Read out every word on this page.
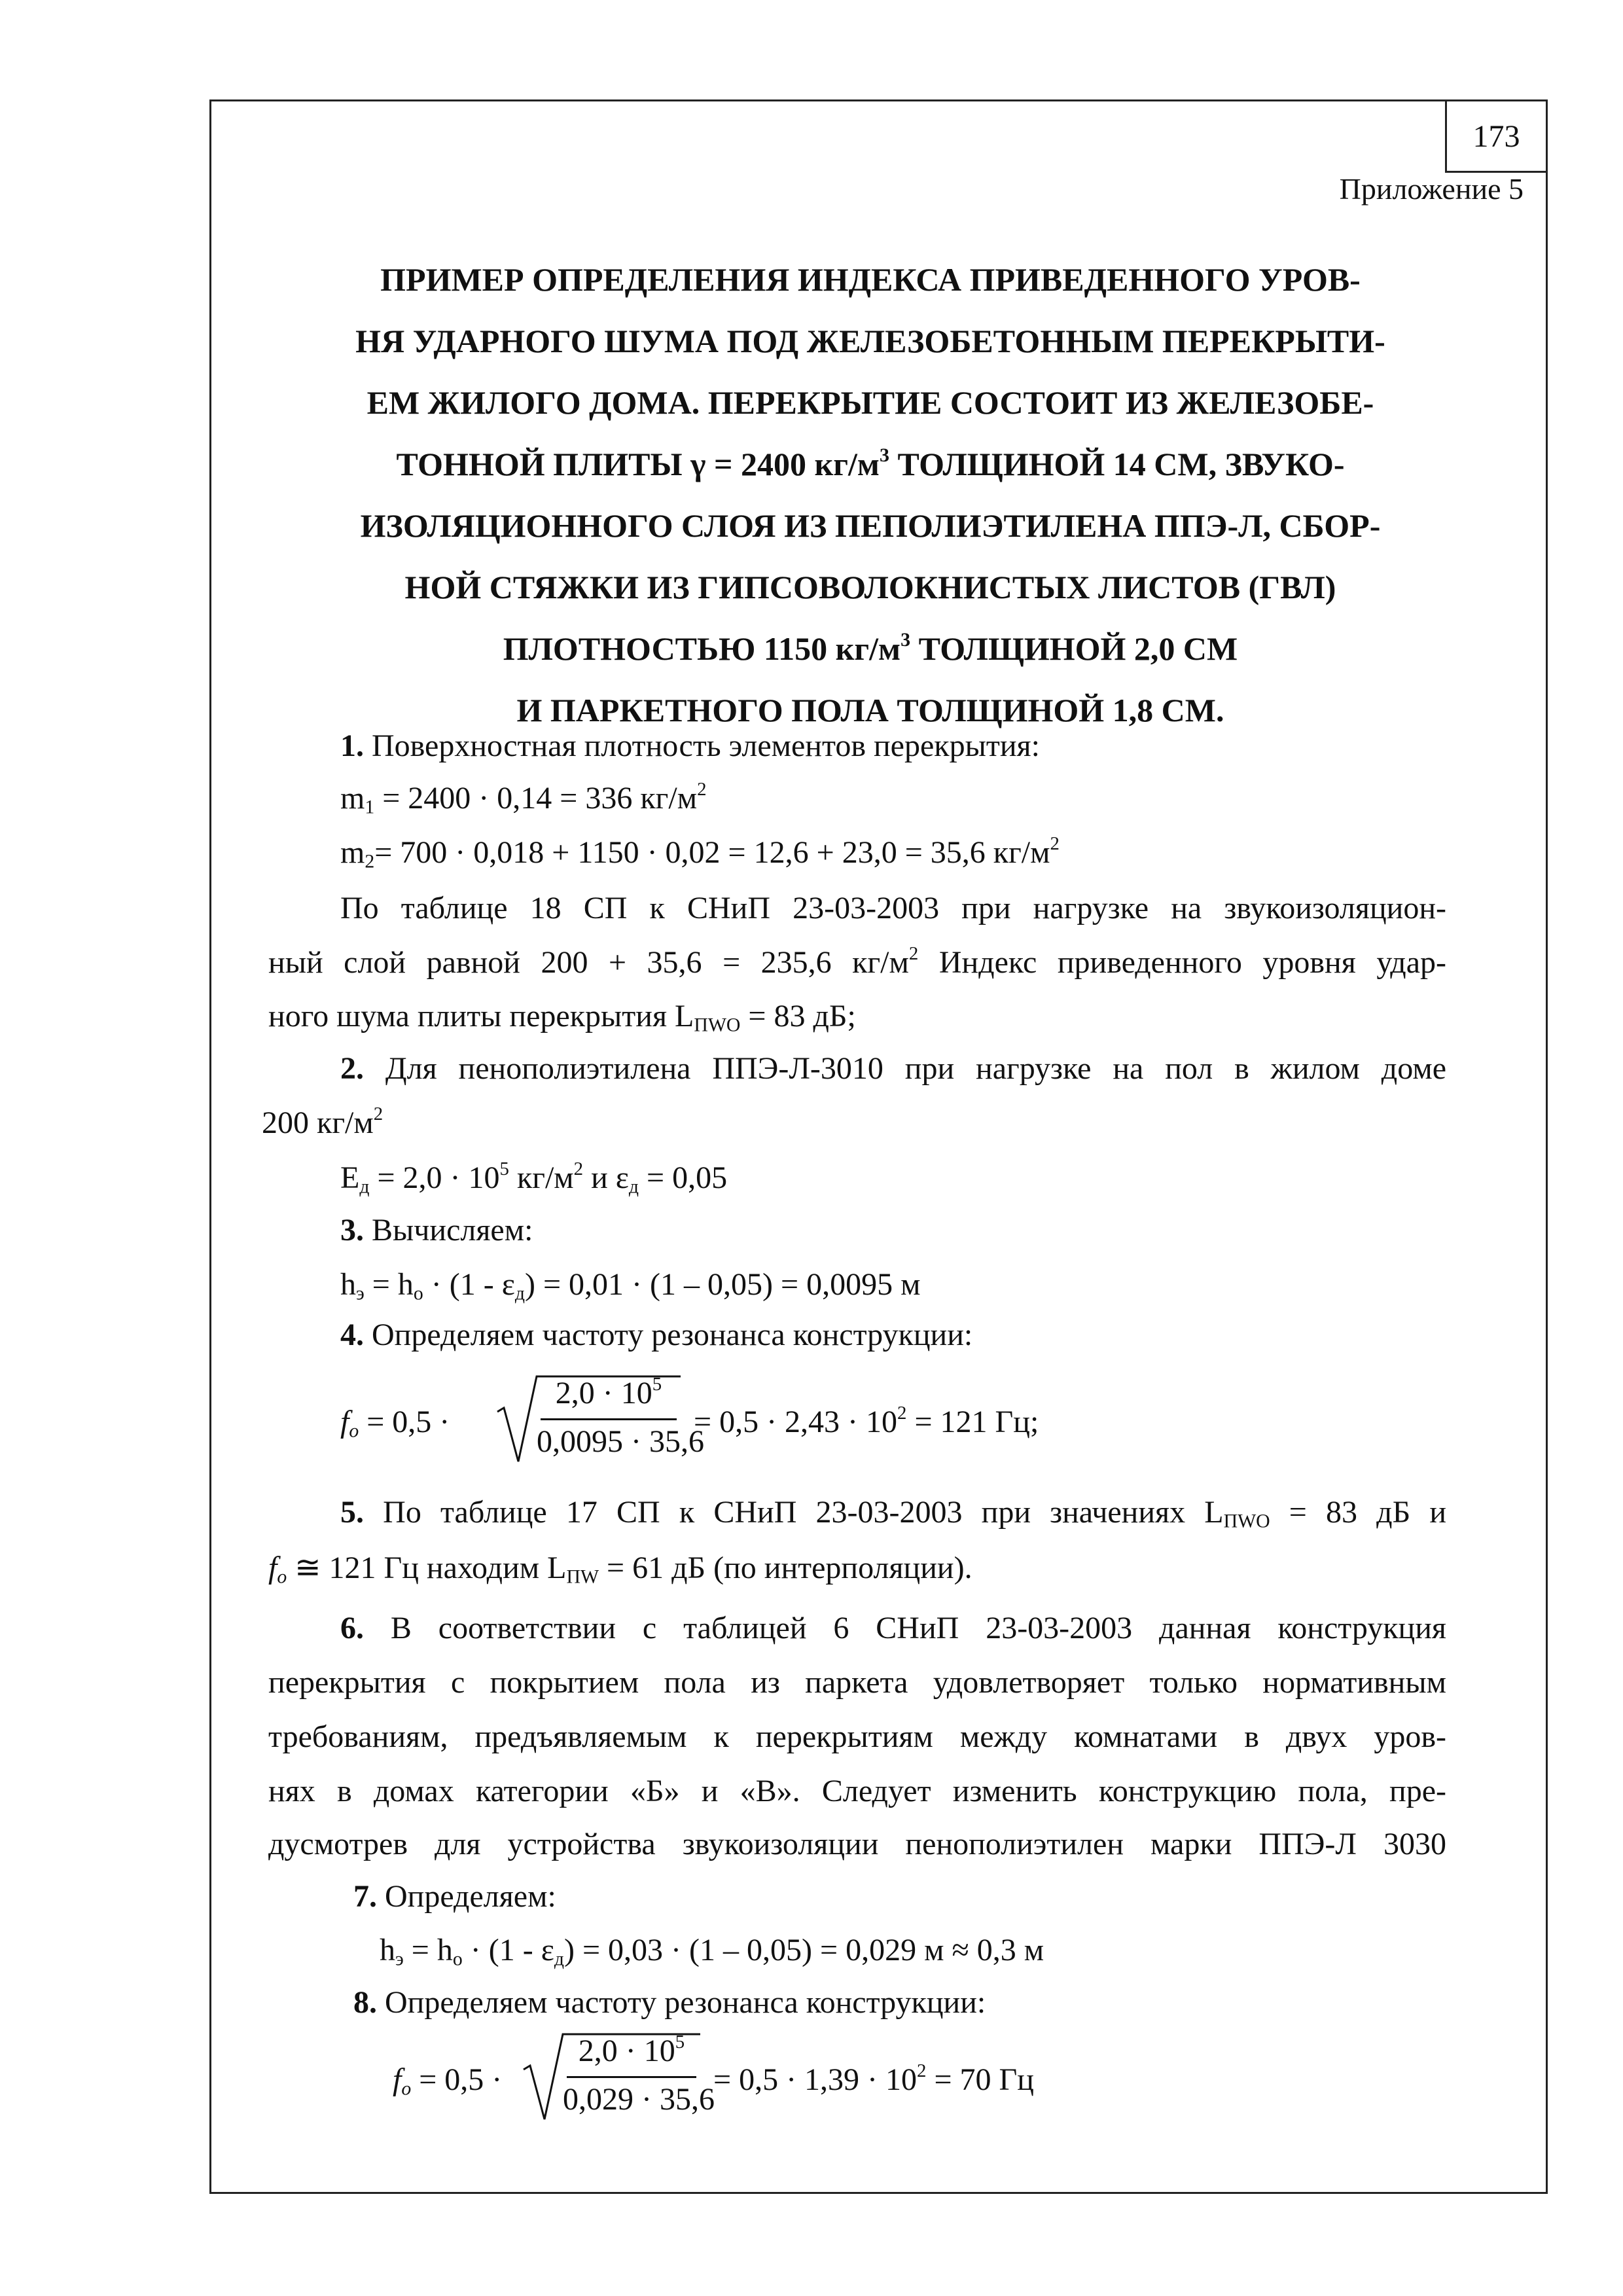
173
Приложение 5
ПРИМЕР ОПРЕДЕЛЕНИЯ ИНДЕКСА ПРИВЕДЕННОГО УРОВ-
НЯ УДАРНОГО ШУМА ПОД ЖЕЛЕЗОБЕТОННЫМ ПЕРЕКРЫТИ-
ЕМ ЖИЛОГО ДОМА. ПЕРЕКРЫТИЕ СОСТОИТ ИЗ ЖЕЛЕЗОБЕ-
ТОННОЙ ПЛИТЫ γ = 2400 $кг/м^3$ ТОЛЩИНОЙ 14 СМ, ЗВУКО-
ИЗОЛЯЦИОННОГО СЛОЯ ИЗ ПЕПОЛИЭТИЛЕНА ППЭ-Л, СБОР-
НОЙ СТЯЖКИ ИЗ ГИПСОВОЛОКНИСТЫХ ЛИСТОВ (ГВЛ)
ПЛОТНОСТЬЮ 1150 $кг/м^3$ ТОЛЩИНОЙ 2,0 СМ
И ПАРКЕТНОГО ПОЛА ТОЛЩИНОЙ 1,8 СМ.
1. Поверхностная плотность элементов перекрытия:
$m_1 = 2400 \cdot 0,14 = 336$ $кг/м^2$
$m_2= 700 \cdot 0,018 + 1150 \cdot 0,02 = 12,6 + 23,0 = 35,6$ $кг/м^2$
По таблице 18 СП к СНиП 23-03-2003 при нагрузке на звукоизоляцион-
ный слой равной 200 + 35,6 = 235,6 $кг/м^2$ Индекс приведенного уровня удар-
ного шума плиты перекрытия $L_{ПWO} = 83$ дБ;
2. Для пенополиэтилена ППЭ-Л-3010 при нагрузке на пол в жилом доме
200 $кг/м^2$
$E_д = 2,0 \cdot 10^5$ $кг/м^2$ и $\varepsilon_д = 0,05$
3. Вычисляем:
$h_э = h_o \cdot (1 - \varepsilon_д) = 0,01 \cdot (1 - 0,05) = 0,0095$ м
4. Определяем частоту резонанса конструкции:
$f_o = 0,5$ ·
$2,0 \cdot 10^5$
0,0095 · 35,6
= $0,5 \cdot 2,43 \cdot 10^2 = 121$ Гц;
5. По таблице 17 СП к СНиП 23-03-2003 при значениях $L_{ПWO} = 83$ дБ и
$f_o$ ≅ 121 Гц находим $L_{ПW} = 61$ дБ (по интерполяции).
6. В соответствии с таблицей 6 СНиП 23-03-2003 данная конструкция
перекрытия с покрытием пола из паркета удовлетворяет только нормативным
требованиям, предъявляемым к перекрытиям между комнатами в двух уров-
нях в домах категории «Б» и «В». Следует изменить конструкцию пола, пре-
дусмотрев для устройства звукоизоляции пенополиэтилен марки ППЭ-Л 3030
7. Определяем:
$h_э = h_o \cdot (1 - \varepsilon_д) = 0,03 \cdot (1 - 0,05) = 0,029$ м ≈ 0,3 м
8. Определяем частоту резонанса конструкции:
$f_o = 0,5$ ·
$2,0 \cdot 10^5$
0,029 · 35,6
= $0,5 \cdot 1,39 \cdot 10^2 = 70$ Гц
